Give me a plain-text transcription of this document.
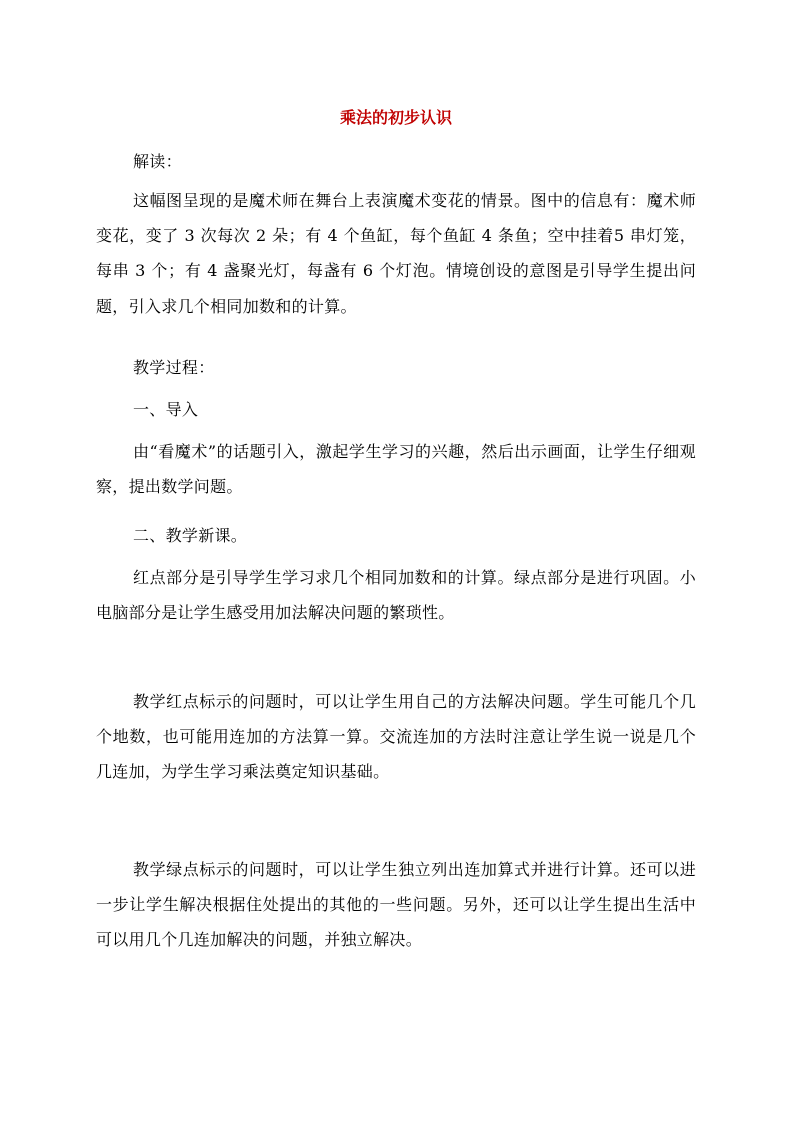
乘法的初步认识

解读：

这幅图呈现的是魔术师在舞台上表演魔术变花的情景。图中的信息有：魔术师变花，变了 3 次每次 2 朵；有 4 个鱼缸，每个鱼缸 4 条鱼；空中挂着5 串灯笼，每串 3 个；有 4 盏聚光灯，每盏有 6 个灯泡。情境创设的意图是引导学生提出问题，引入求几个相同加数和的计算。

教学过程：

一、导入

由“看魔术”的话题引入，激起学生学习的兴趣，然后出示画面，让学生仔细观察，提出数学问题。

二、教学新课。

红点部分是引导学生学习求几个相同加数和的计算。绿点部分是进行巩固。小电脑部分是让学生感受用加法解决问题的繁琐性。

教学红点标示的问题时，可以让学生用自己的方法解决问题。学生可能几个几个地数，也可能用连加的方法算一算。交流连加的方法时注意让学生说一说是几个几连加，为学生学习乘法奠定知识基础。

教学绿点标示的问题时，可以让学生独立列出连加算式并进行计算。还可以进一步让学生解决根据住处提出的其他的一些问题。另外，还可以让学生提出生活中可以用几个几连加解决的问题，并独立解决。
